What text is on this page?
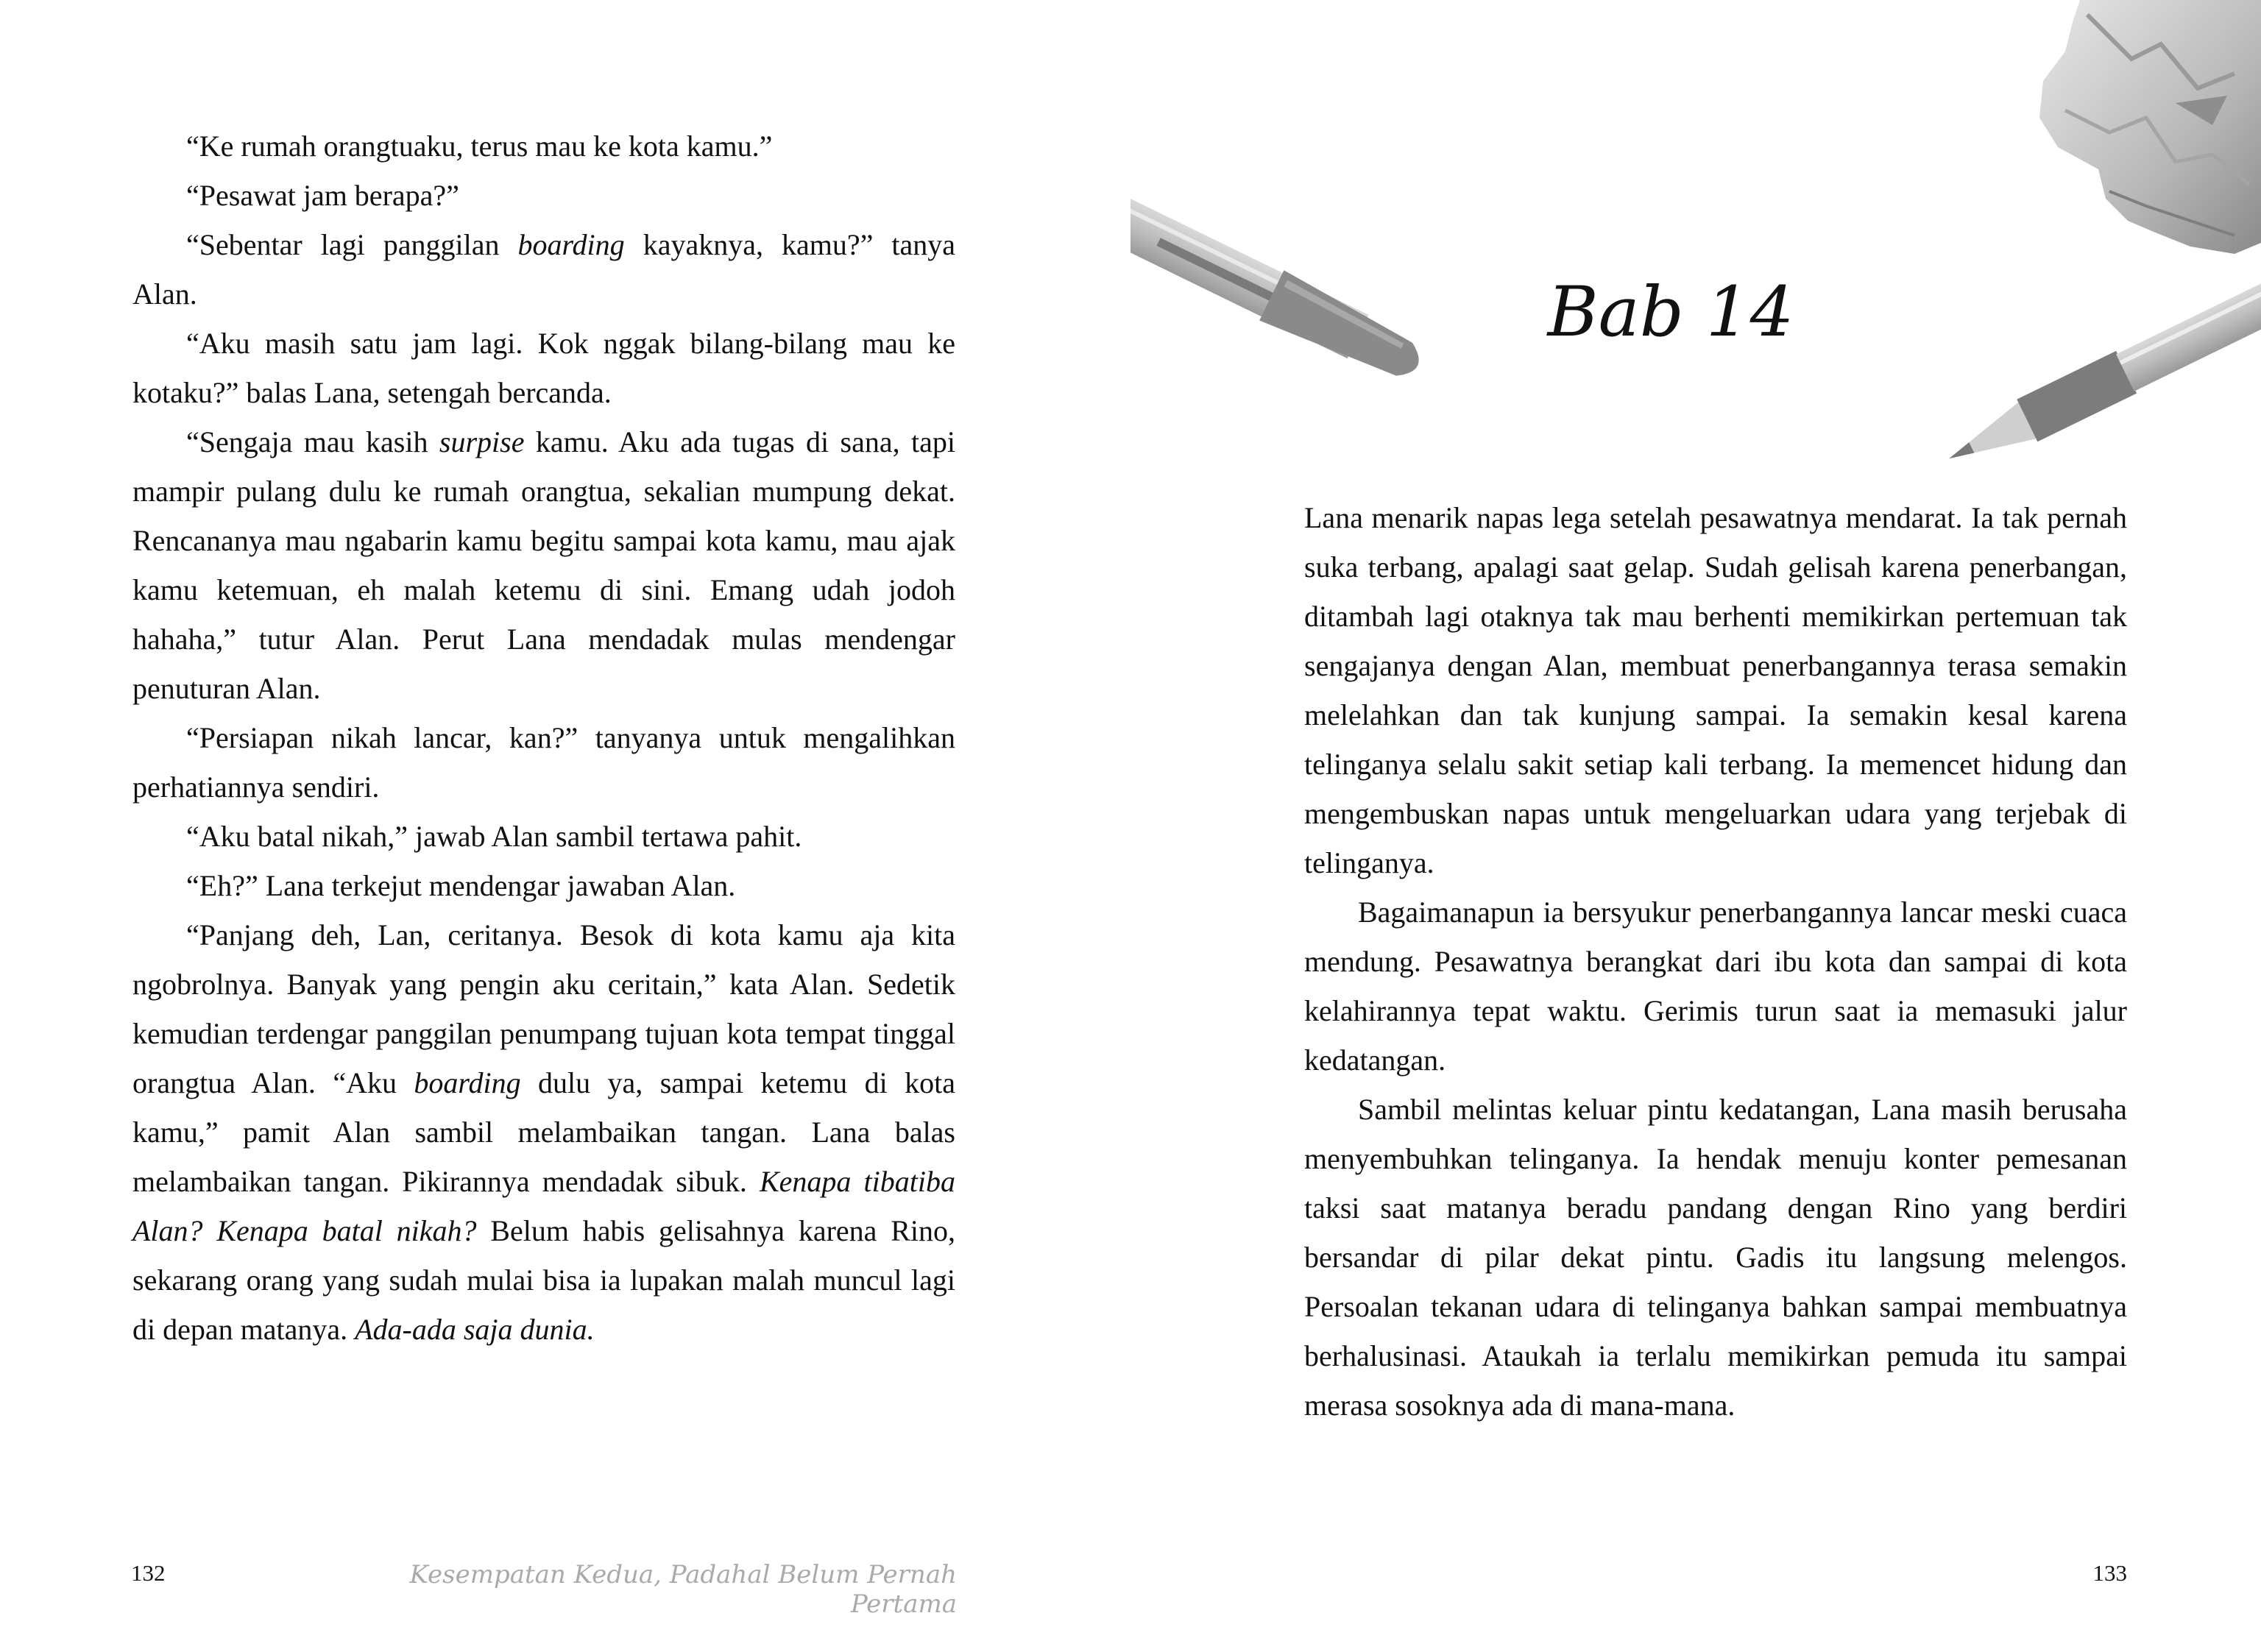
“Ke rumah orangtuaku, terus mau ke kota kamu.”

“Pesawat jam berapa?”

“Sebentar lagi panggilan boarding kayaknya, kamu?” tanya Alan.

“Aku masih satu jam lagi. Kok nggak bilang-bilang mau ke kotaku?” balas Lana, setengah bercanda.

“Sengaja mau kasih surpise kamu. Aku ada tugas di sana, tapi mampir pulang dulu ke rumah orangtua, sekalian mumpung dekat. Rencananya mau ngabarin kamu begitu sampai kota kamu, mau ajak kamu ketemuan, eh malah ketemu di sini. Emang udah jodoh hahaha,” tutur Alan. Perut Lana mendadak mulas mendengar penuturan Alan.

“Persiapan nikah lancar, kan?” tanyanya untuk mengalihkan perhatiannya sendiri.

“Aku batal nikah,” jawab Alan sambil tertawa pahit.

“Eh?” Lana terkejut mendengar jawaban Alan.

“Panjang deh, Lan, ceritanya. Besok di kota kamu aja kita ngobrolnya. Banyak yang pengin aku ceritain,” kata Alan. Sedetik kemudian terdengar panggilan penumpang tujuan kota tempat tinggal orangtua Alan. “Aku boarding dulu ya, sampai ketemu di kota kamu,” pamit Alan sambil melambaikan tangan. Lana balas melambaikan tangan. Pikirannya mendadak sibuk. Kenapa tibatiba Alan? Kenapa batal nikah? Belum habis gelisahnya karena Rino, sekarang orang yang sudah mulai bisa ia lupakan malah muncul lagi di depan matanya. Ada-ada saja dunia.

132	Kesempatan Kedua, Padahal Belum Pernah Pertama
Bab 14

Lana menarik napas lega setelah pesawatnya mendarat. Ia tak pernah suka terbang, apalagi saat gelap. Sudah gelisah karena penerbangan, ditambah lagi otaknya tak mau berhenti memikirkan pertemuan tak sengajanya dengan Alan, membuat penerbangannya terasa semakin melelahkan dan tak kunjung sampai. Ia semakin kesal karena telinganya selalu sakit setiap kali terbang. Ia memencet hidung dan mengembuskan napas untuk mengeluarkan udara yang terjebak di telinganya.

Bagaimanapun ia bersyukur penerbangannya lancar meski cuaca mendung. Pesawatnya berangkat dari ibu kota dan sampai di kota kelahirannya tepat waktu. Gerimis turun saat ia memasuki jalur kedatangan.

Sambil melintas keluar pintu kedatangan, Lana masih berusaha menyembuhkan telinganya. Ia hendak menuju konter pemesanan taksi saat matanya beradu pandang dengan Rino yang berdiri bersandar di pilar dekat pintu. Gadis itu langsung melengos. Persoalan tekanan udara di telinganya bahkan sampai membuatnya berhalusinasi. Ataukah ia terlalu memikirkan pemuda itu sampai merasa sosoknya ada di mana-mana.

133
